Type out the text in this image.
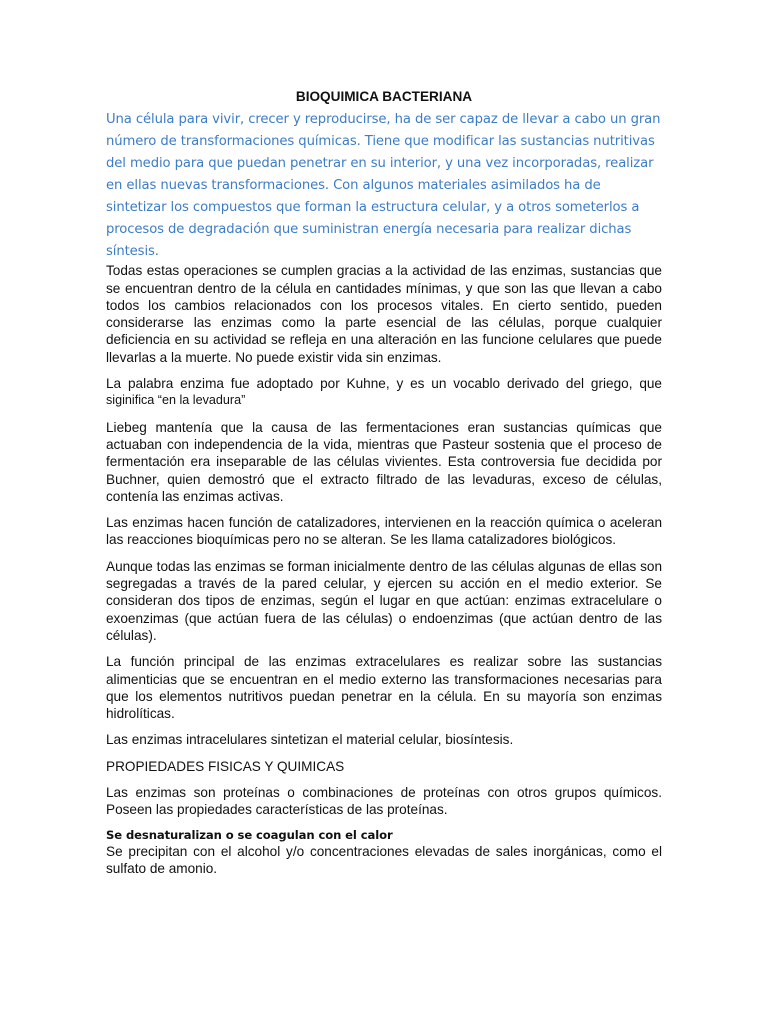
BIOQUIMICA BACTERIANA

Una célula para vivir, crecer y reproducirse, ha de ser capaz de llevar a cabo un gran número de transformaciones químicas. Tiene que modificar las sustancias nutritivas del medio para que puedan penetrar en su interior, y una vez incorporadas, realizar en ellas nuevas transformaciones. Con algunos materiales asimilados ha de sintetizar los compuestos que forman la estructura celular, y a otros someterlos a procesos de degradación que suministran energía necesaria para realizar dichas síntesis.

Todas estas operaciones se cumplen gracias a la actividad de las enzimas, sustancias que se encuentran dentro de la célula en cantidades mínimas, y que son las que llevan a cabo todos los cambios relacionados con los procesos vitales. En cierto sentido, pueden considerarse las enzimas como la parte esencial de las células, porque cualquier deficiencia en su actividad se refleja en una alteración en las funcione celulares que puede llevarlas a la muerte. No puede existir vida sin enzimas.

La palabra enzima fue adoptado por Kuhne, y es un vocablo derivado del griego, que
siginifica “en la levadura”

Liebeg mantenía que la causa de las fermentaciones eran sustancias químicas que actuaban con independencia de la vida, mientras que Pasteur sostenia que el proceso de fermentación era inseparable de las células vivientes. Esta controversia fue decidida por Buchner, quien demostró que el extracto filtrado de las levaduras, exceso de células, contenía las enzimas activas.

Las enzimas hacen función de catalizadores, intervienen en la reacción química o aceleran las reacciones bioquímicas pero no se alteran. Se les llama catalizadores biológicos.

Aunque todas las enzimas se forman inicialmente dentro de las células algunas de ellas son segregadas a través de la pared celular, y ejercen su acción en el medio exterior. Se consideran dos tipos de enzimas, según el lugar en que actúan: enzimas extracelulare o exoenzimas (que actúan fuera de las células) o endoenzimas (que actúan dentro de las células).

La función principal de las enzimas extracelulares es realizar sobre las sustancias alimenticias que se encuentran en el medio externo las transformaciones necesarias para que los elementos nutritivos puedan penetrar en la célula. En su mayoría son enzimas hidrolíticas.

Las enzimas intracelulares sintetizan el material celular, biosíntesis.

PROPIEDADES FISICAS Y QUIMICAS

Las enzimas son proteínas o combinaciones de proteínas con otros grupos químicos. Poseen las propiedades características de las proteínas.

Se desnaturalizan o se coagulan con el calor

Se precipitan con el alcohol y/o concentraciones elevadas de sales inorgánicas, como el sulfato de amonio.
